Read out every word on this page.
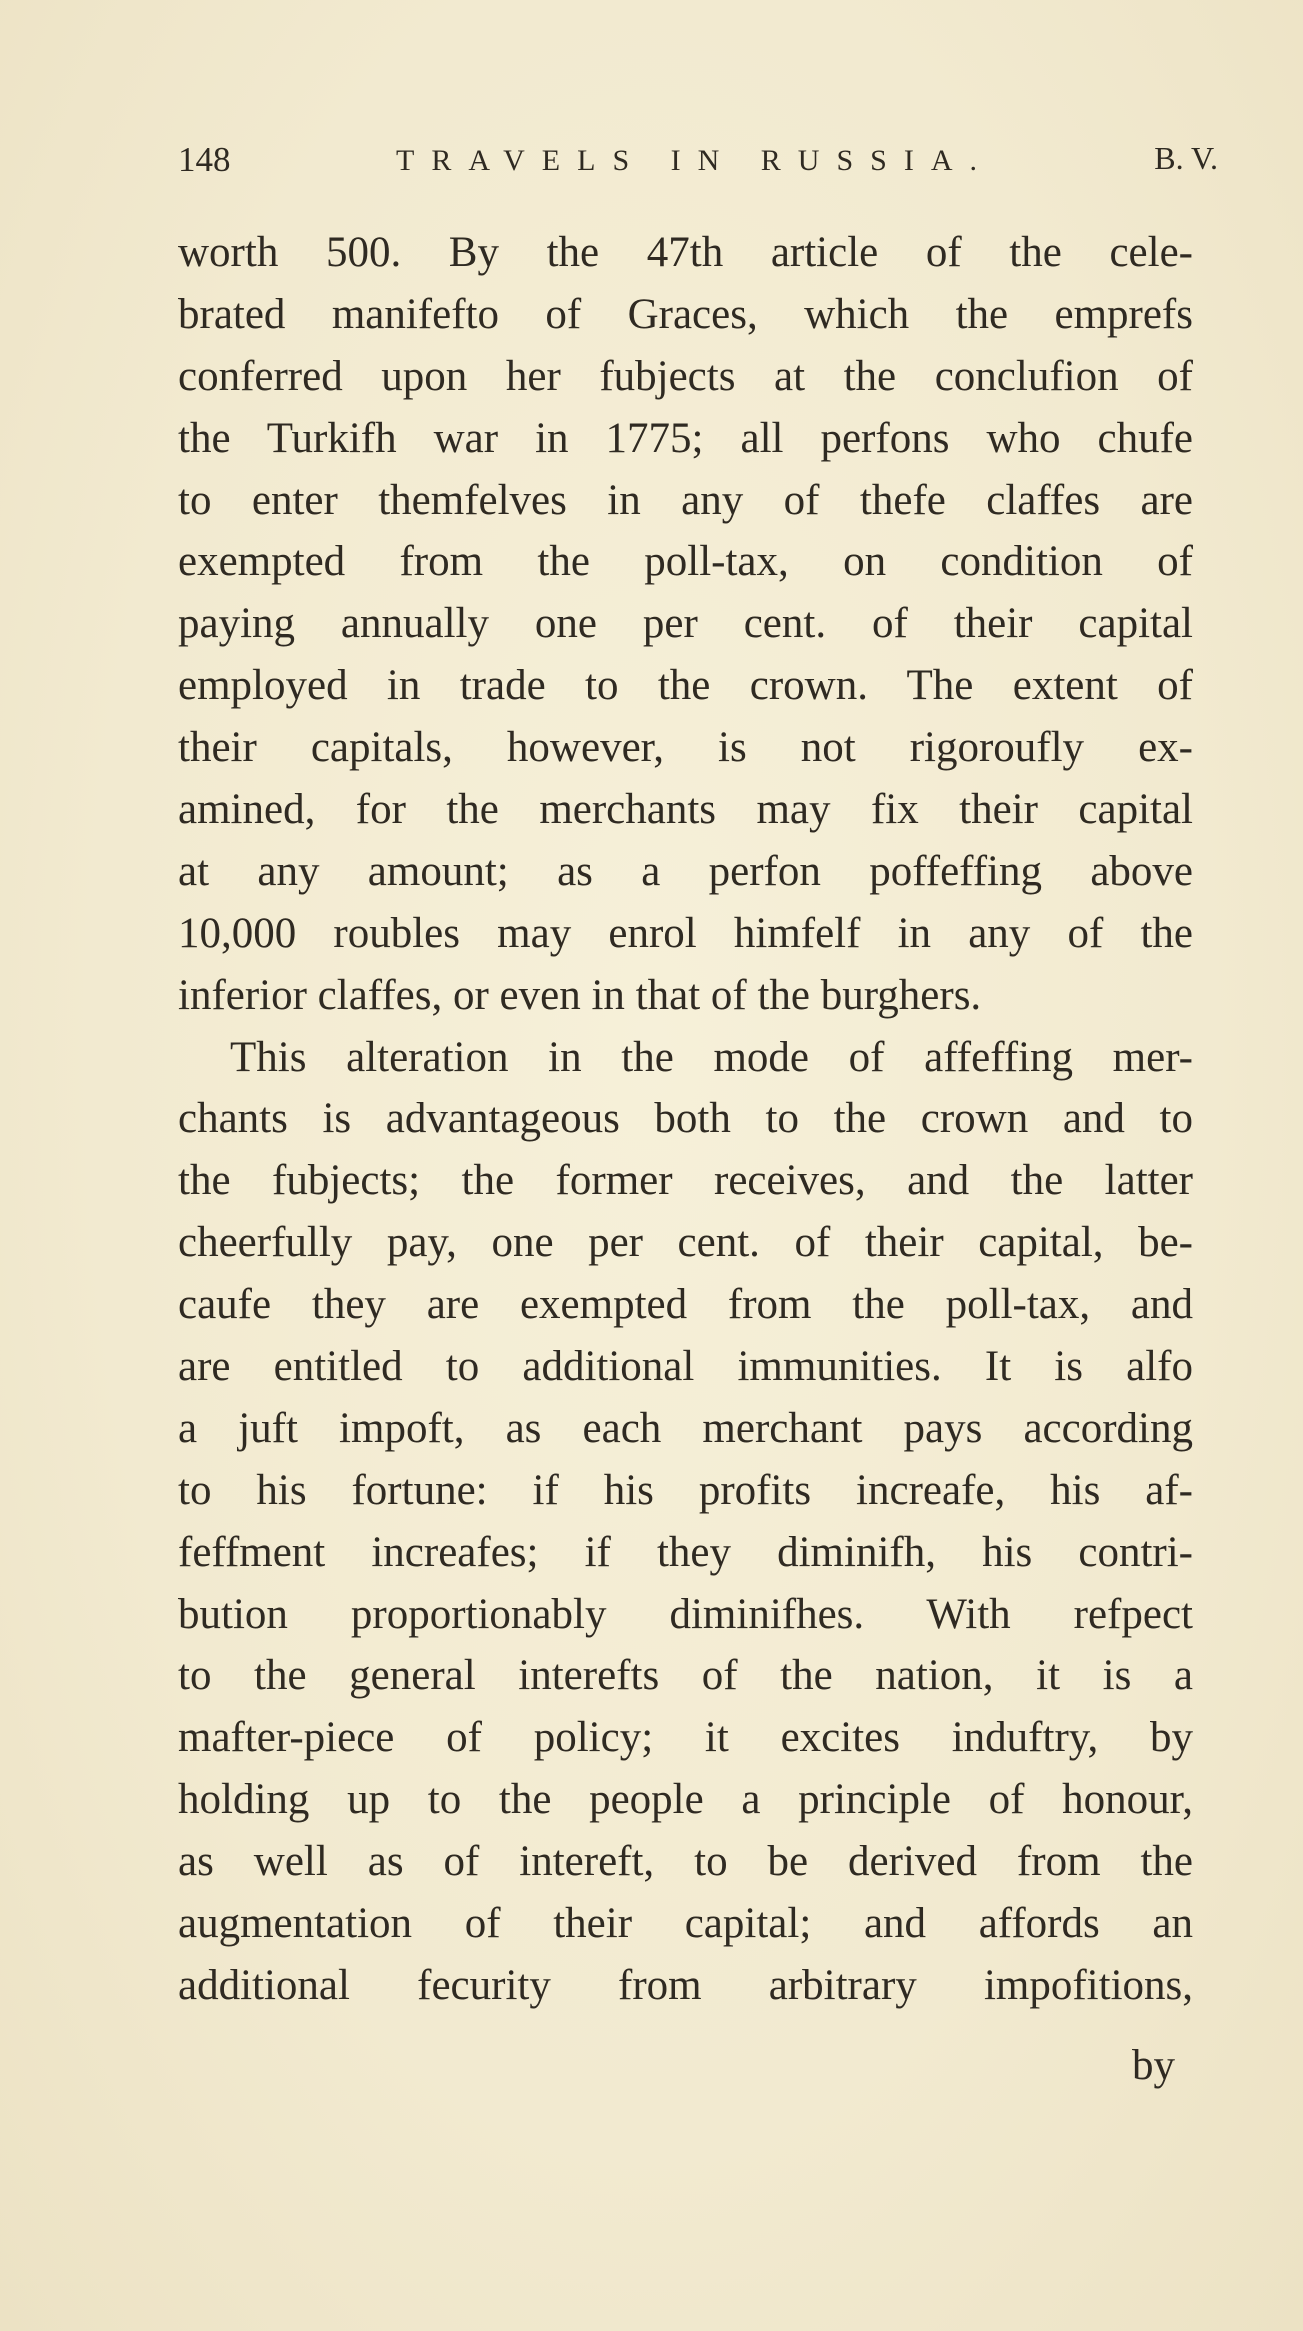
148	TRAVELS IN RUSSIA.	B. V.
worth 500. By the 47th article of the cele-
brated manifefto of Graces, which the emprefs
conferred upon her fubjects at the conclufion of
the Turkifh war in 1775; all perfons who chufe
to enter themfelves in any of thefe claffes are
exempted from the poll-tax, on condition of
paying annually one per cent. of their capital
employed in trade to the crown. The extent of
their capitals, however, is not rigoroufly ex-
amined, for the merchants may fix their capital
at any amount; as a perfon poffeffing above
10,000 roubles may enrol himfelf in any of the
inferior claffes, or even in that of the burghers.
This alteration in the mode of affeffing mer-
chants is advantageous both to the crown and to
the fubjects; the former receives, and the latter
cheerfully pay, one per cent. of their capital, be-
caufe they are exempted from the poll-tax, and
are entitled to additional immunities. It is alfo
a juft impoft, as each merchant pays according
to his fortune: if his profits increafe, his af-
feffment increafes; if they diminifh, his contri-
bution proportionably diminifhes. With refpect
to the general interefts of the nation, it is a
mafter-piece of policy; it excites induftry, by
holding up to the people a principle of honour,
as well as of intereft, to be derived from the
augmentation of their capital; and affords an
additional fecurity from arbitrary impofitions,
by
